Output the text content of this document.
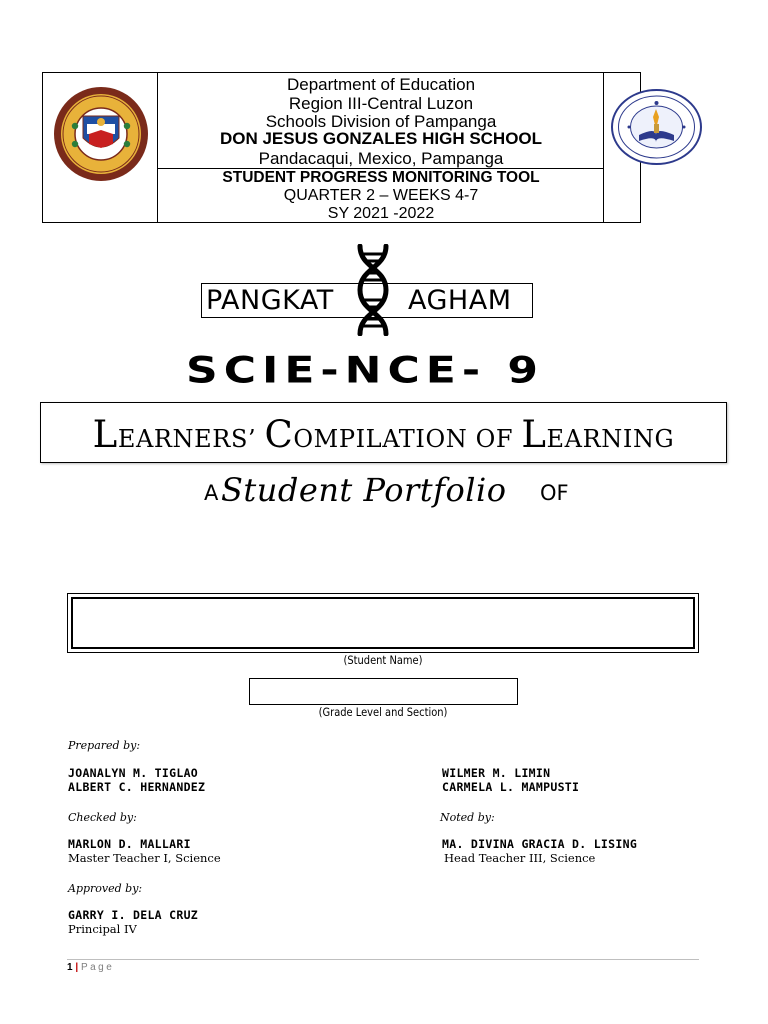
Department of Education
Region III-Central Luzon
Schools Division of Pampanga
DON JESUS GONZALES HIGH SCHOOL
Pandacaqui, Mexico, Pampanga
STUDENT PROGRESS MONITORING TOOL
QUARTER 2 – WEEKS 4-7
SY 2021 -2022
PANGKAT	AGHAM
SCIE-NCE- 9
LEARNERS’ COMPILATION OF LEARNING
A Student Portfolio OF
(Student Name)
(Grade Level and Section)
Prepared by:
JOANALYN M. TIGLAO
ALBERT C. HERNANDEZ
WILMER M. LIMIN
CARMELA L. MAMPUSTI
Checked by:	Noted by:
MARLON D. MALLARI
Master Teacher I, Science
MA. DIVINA GRACIA D. LISING
Head Teacher III, Science
Approved by:
GARRY I. DELA CRUZ
Principal IV
1 | Page
